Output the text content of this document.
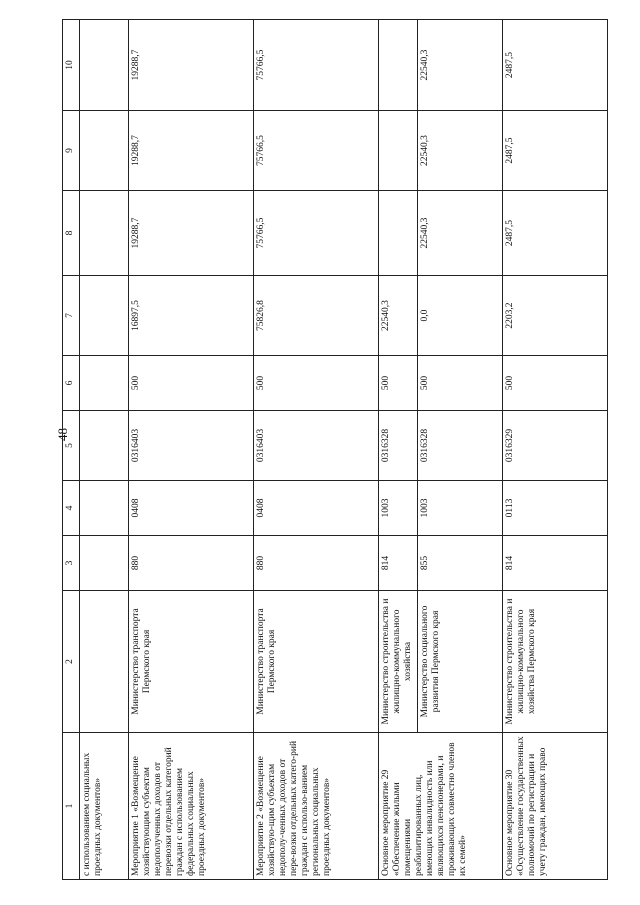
48
1	2	3	4	5	6	7	8	9	10
с использованием социальных проездных документов»									
Мероприятие 1 «Возмещение хозяйствующим субъектам недополученных доходов от перевозки отдельных категорий граждан с использованием федеральных социальных проездных документов»	Министерство транспорта Пермского края	880	0408	0316403	500	16897,5	19288,7	19288,7	19288,7
Мероприятие 2 «Возмещение хозяйствую-щим субъектам недополу-ченных доходов от пере-возки отдельных катего-рий граждан с использо-ванием региональных социальных проездных документов»	Министерство транспорта Пермского края	880	0408	0316403	500	75826,8	75766,5	75766,5	75766,5
Основное мероприятие 29 «Обеспечение жилыми помещениями реабилитированных лиц, имеющих инвалидность или являющихся пенсионерами, и проживающих совместно членов их семей»	Министерство строительства и жилищно-коммунального хозяйства	814	1003	0316328	500	22540,3			
	Министерство социального развития Пермского края	855	1003	0316328	500	0,0	22540,3	22540,3	22540,3
Основное мероприятие 30 «Осуществление государственных полномочий по регистрации и учету граждан, имеющих право	Министерство строительства и жилищно-коммунального хозяйства Пермского края	814	0113	0316329	500	2203,2	2487,5	2487,5	2487,5
